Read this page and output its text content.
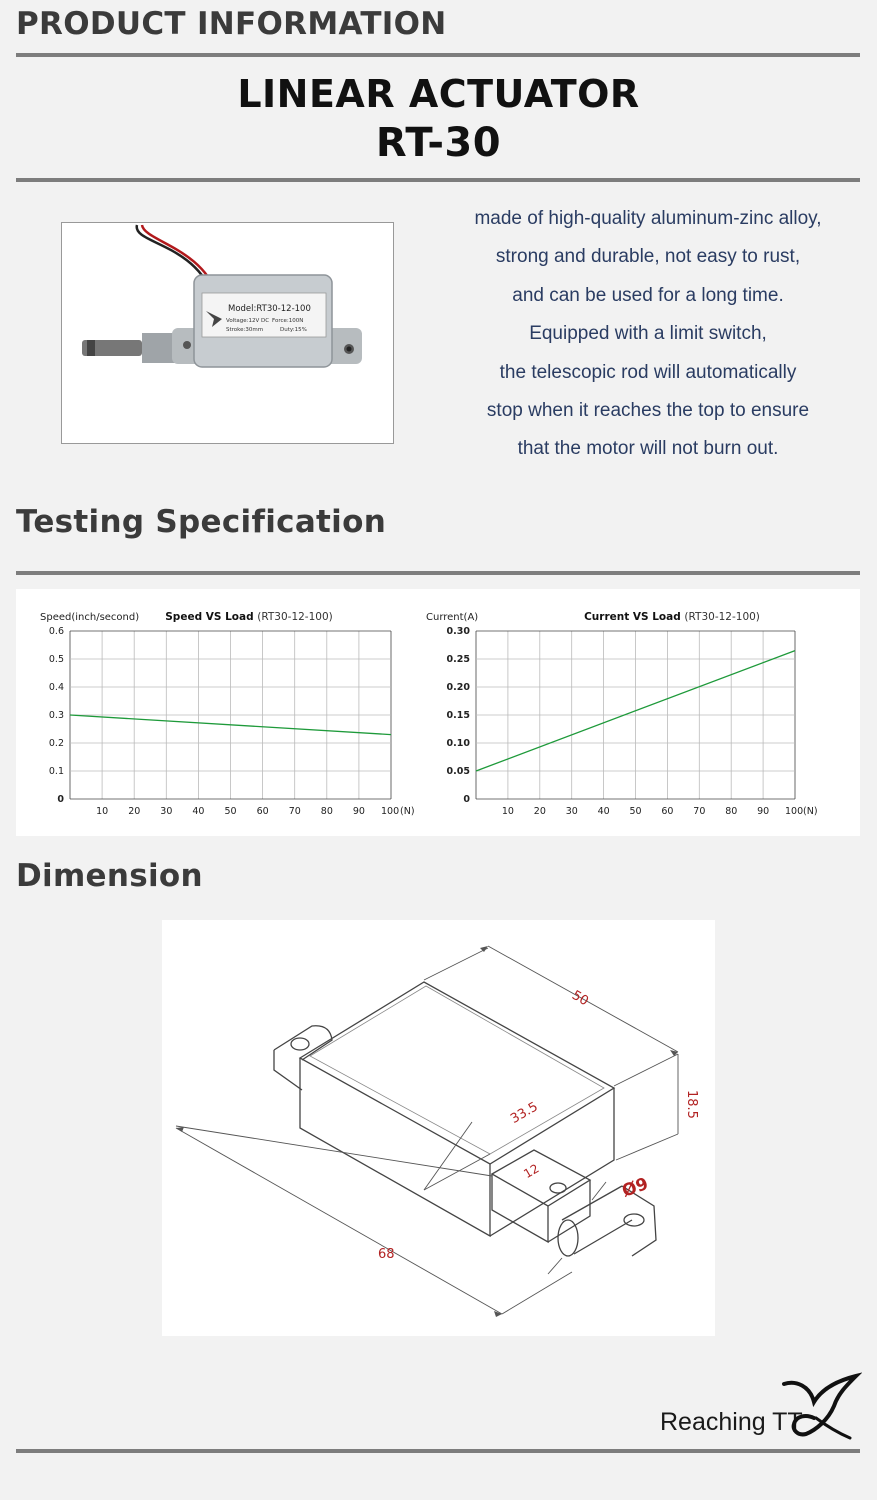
PRODUCT INFORMATION
LINEAR ACTUATOR
RT-30
Model:RT30-12-100
Voltage:12V DC Force:100N
Stroke:30mm	Duty:15%
made of high-quality aluminum-zinc alloy,
strong and durable, not easy to rust,
and can be used for a long time.
Equipped with a limit switch,
the telescopic rod will automatically
stop when it reaches the top to ensure
that the motor will not burn out.
Testing Specification
10 20 30 40 50 60 70 80 90 100 (N)
0
0.1
0.2
0.3
0.4
0.5
0.6
Speed(inch/second) Speed VS Load (RT30-12-100)
10 20 30 40 50 60 70 80 90 100 (N)
0
0.05
0.10
0.15
0.20
0.25
0.30
Current(A)	Current VS Load (RT30-12-100)
Dimension
50
18.5
33.5
12
Ø9
68
Reaching TT
